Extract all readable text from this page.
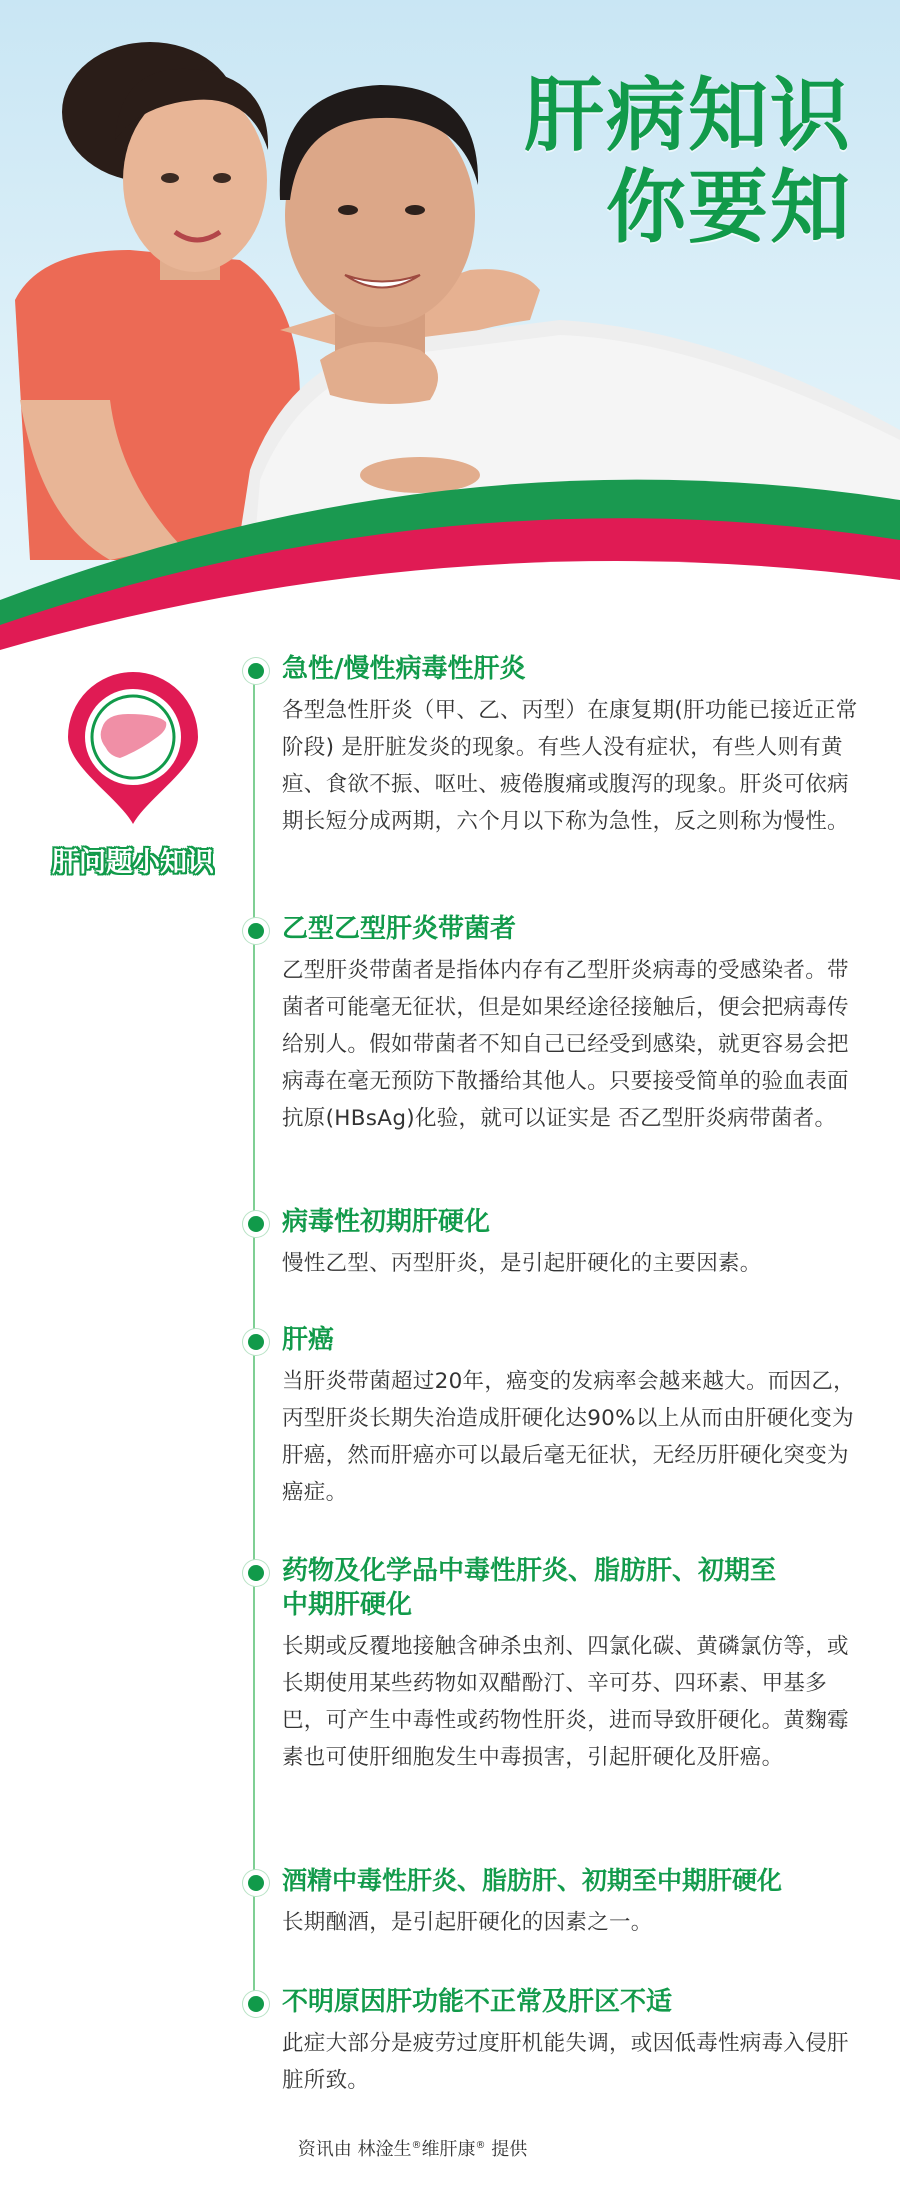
肝病知识
你要知
肝问题小知识
急性/慢性病毒性肝炎

各型急性肝炎（甲、乙、丙型）在康复期(肝功能已接近正常阶段) 是肝脏发炎的现象。有些人没有症状，有些人则有黄疸、食欲不振、呕吐、疲倦腹痛或腹泻的现象。肝炎可依病期长短分成两期，六个月以下称为急性，反之则称为慢性。

乙型乙型肝炎带菌者

乙型肝炎带菌者是指体内存有乙型肝炎病毒的受感染者。带菌者可能毫无征状，但是如果经途径接触后，便会把病毒传给别人。假如带菌者不知自己已经受到感染，就更容易会把病毒在毫无预防下散播给其他人。只要接受简单的验血表面抗原(HBsAg)化验，就可以证实是 否乙型肝炎病带菌者。

病毒性初期肝硬化

慢性乙型、丙型肝炎，是引起肝硬化的主要因素。

肝癌

当肝炎带菌超过20年，癌变的发病率会越来越大。而因乙，丙型肝炎长期失治造成肝硬化达90%以上从而由肝硬化变为肝癌，然而肝癌亦可以最后毫无征状，无经历肝硬化突变为癌症。

药物及化学品中毒性肝炎、脂肪肝、初期至中期肝硬化

长期或反覆地接触含砷杀虫剂、四氯化碳、黄磷氯仿等，或长期使用某些药物如双醋酚汀、辛可芬、四环素、甲基多巴，可产生中毒性或药物性肝炎，进而导致肝硬化。黄麴霉素也可使肝细胞发生中毒损害，引起肝硬化及肝癌。

酒精中毒性肝炎、脂肪肝、初期至中期肝硬化

长期酗酒，是引起肝硬化的因素之一。

不明原因肝功能不正常及肝区不适

此症大部分是疲劳过度肝机能失调，或因低毒性病毒入侵肝脏所致。

资讯由 林淦生®维肝康® 提供
